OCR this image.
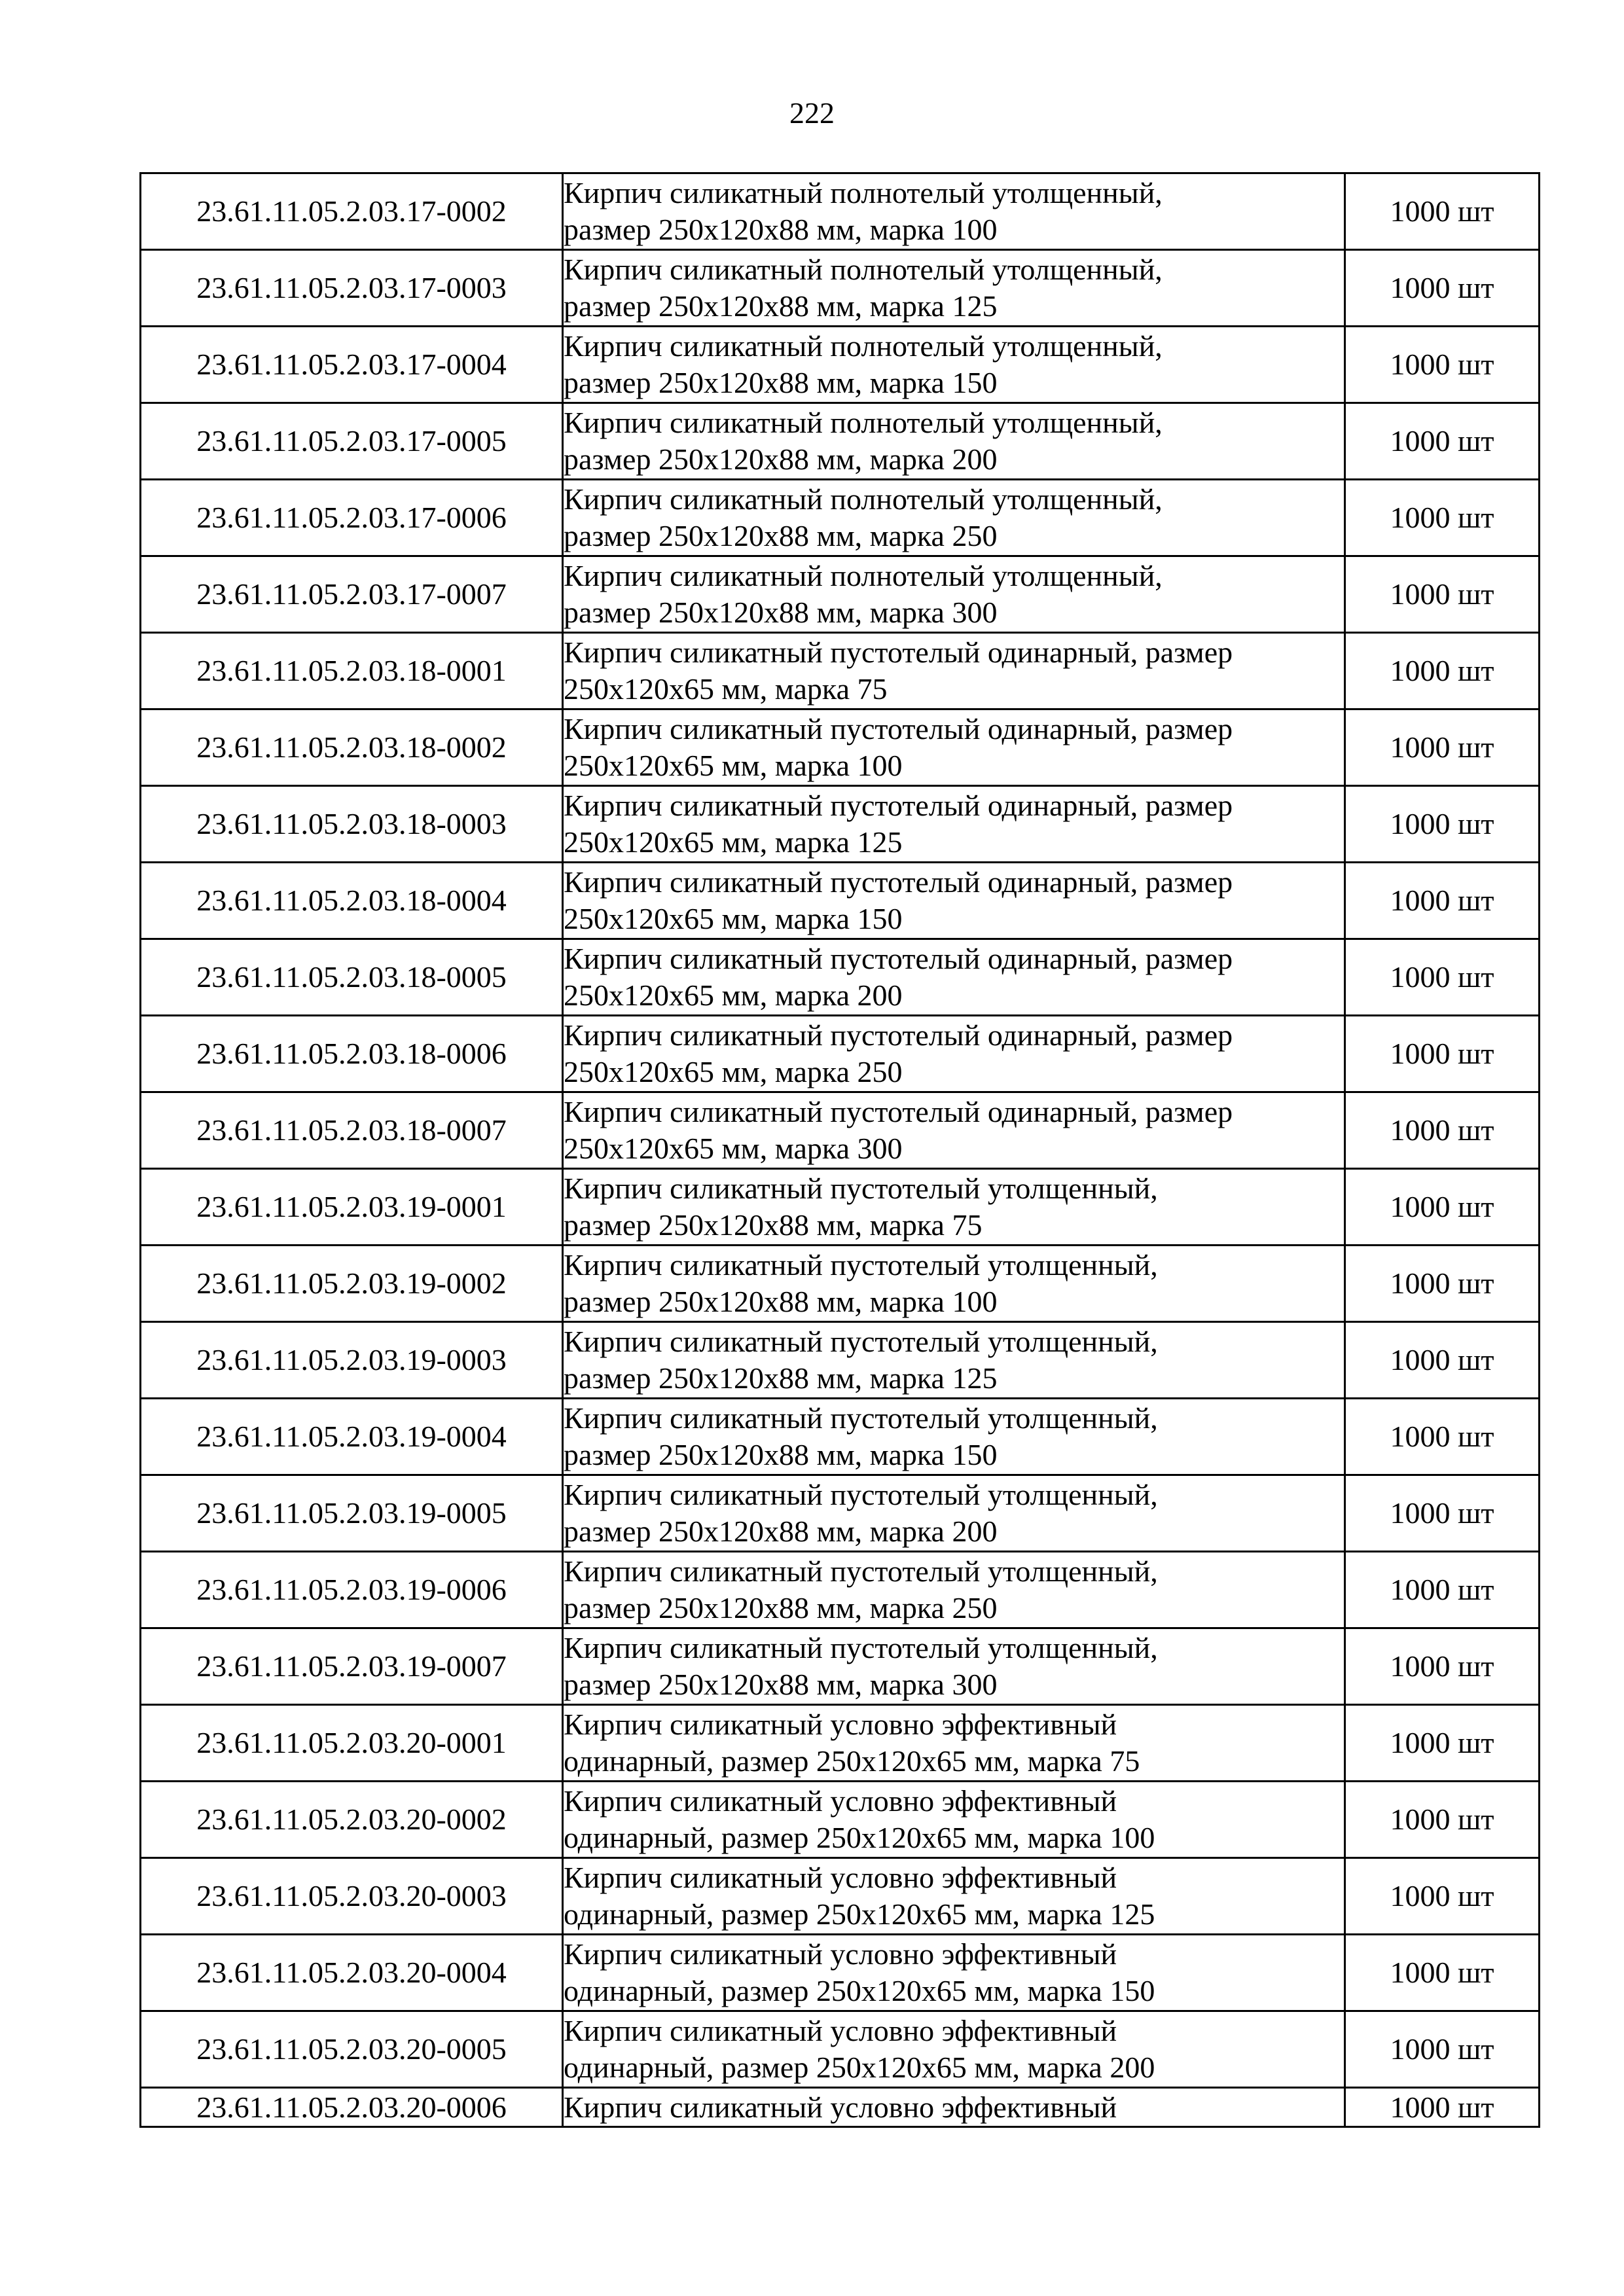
222
23.61.11.05.2.03.17-0002	Кирпич силикатный полнотелый утолщенный,
размер 250х120х88 мм, марка 100	1000 шт
23.61.11.05.2.03.17-0003	Кирпич силикатный полнотелый утолщенный,
размер 250х120х88 мм, марка 125	1000 шт
23.61.11.05.2.03.17-0004	Кирпич силикатный полнотелый утолщенный,
размер 250х120х88 мм, марка 150	1000 шт
23.61.11.05.2.03.17-0005	Кирпич силикатный полнотелый утолщенный,
размер 250х120х88 мм, марка 200	1000 шт
23.61.11.05.2.03.17-0006	Кирпич силикатный полнотелый утолщенный,
размер 250х120х88 мм, марка 250	1000 шт
23.61.11.05.2.03.17-0007	Кирпич силикатный полнотелый утолщенный,
размер 250х120х88 мм, марка 300	1000 шт
23.61.11.05.2.03.18-0001	Кирпич силикатный пустотелый одинарный, размер
250х120х65 мм, марка 75	1000 шт
23.61.11.05.2.03.18-0002	Кирпич силикатный пустотелый одинарный, размер
250х120х65 мм, марка 100	1000 шт
23.61.11.05.2.03.18-0003	Кирпич силикатный пустотелый одинарный, размер
250х120х65 мм, марка 125	1000 шт
23.61.11.05.2.03.18-0004	Кирпич силикатный пустотелый одинарный, размер
250х120х65 мм, марка 150	1000 шт
23.61.11.05.2.03.18-0005	Кирпич силикатный пустотелый одинарный, размер
250х120х65 мм, марка 200	1000 шт
23.61.11.05.2.03.18-0006	Кирпич силикатный пустотелый одинарный, размер
250х120х65 мм, марка 250	1000 шт
23.61.11.05.2.03.18-0007	Кирпич силикатный пустотелый одинарный, размер
250х120х65 мм, марка 300	1000 шт
23.61.11.05.2.03.19-0001	Кирпич силикатный пустотелый утолщенный,
размер 250х120х88 мм, марка 75	1000 шт
23.61.11.05.2.03.19-0002	Кирпич силикатный пустотелый утолщенный,
размер 250х120х88 мм, марка 100	1000 шт
23.61.11.05.2.03.19-0003	Кирпич силикатный пустотелый утолщенный,
размер 250х120х88 мм, марка 125	1000 шт
23.61.11.05.2.03.19-0004	Кирпич силикатный пустотелый утолщенный,
размер 250х120х88 мм, марка 150	1000 шт
23.61.11.05.2.03.19-0005	Кирпич силикатный пустотелый утолщенный,
размер 250х120х88 мм, марка 200	1000 шт
23.61.11.05.2.03.19-0006	Кирпич силикатный пустотелый утолщенный,
размер 250х120х88 мм, марка 250	1000 шт
23.61.11.05.2.03.19-0007	Кирпич силикатный пустотелый утолщенный,
размер 250х120х88 мм, марка 300	1000 шт
23.61.11.05.2.03.20-0001	Кирпич силикатный условно эффективный
одинарный, размер 250х120х65 мм, марка 75	1000 шт
23.61.11.05.2.03.20-0002	Кирпич силикатный условно эффективный
одинарный, размер 250х120х65 мм, марка 100	1000 шт
23.61.11.05.2.03.20-0003	Кирпич силикатный условно эффективный
одинарный, размер 250х120х65 мм, марка 125	1000 шт
23.61.11.05.2.03.20-0004	Кирпич силикатный условно эффективный
одинарный, размер 250х120х65 мм, марка 150	1000 шт
23.61.11.05.2.03.20-0005	Кирпич силикатный условно эффективный
одинарный, размер 250х120х65 мм, марка 200	1000 шт
23.61.11.05.2.03.20-0006	Кирпич силикатный условно эффективный	1000 шт
